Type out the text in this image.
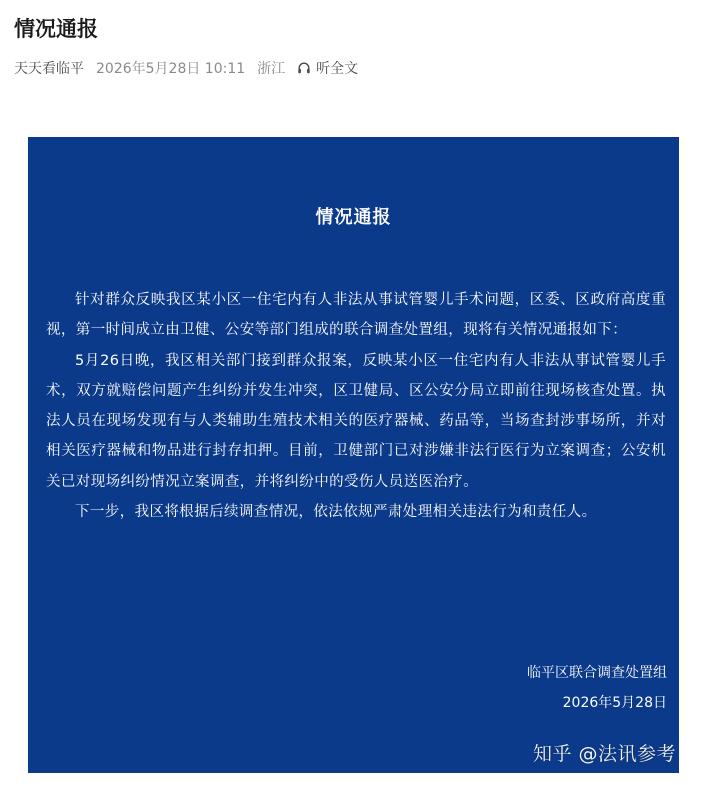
情况通报
天天看临平 2026年5月28日 10:11 浙江 听全文
情况通报

针对群众反映我区某小区一住宅内有人非法从事试管婴儿手术问题，区委、区政府高度重视，第一时间成立由卫健、公安等部门组成的联合调查处置组，现将有关情况通报如下：

5月26日晚，我区相关部门接到群众报案，反映某小区一住宅内有人非法从事试管婴儿手术，双方就赔偿问题产生纠纷并发生冲突，区卫健局、区公安分局立即前往现场核查处置。执法人员在现场发现有与人类辅助生殖技术相关的医疗器械、药品等，当场查封涉事场所，并对相关医疗器械和物品进行封存扣押。目前，卫健部门已对涉嫌非法行医行为立案调查；公安机关已对现场纠纷情况立案调查，并将纠纷中的受伤人员送医治疗。

下一步，我区将根据后续调查情况，依法依规严肃处理相关违法行为和责任人。

临平区联合调查处置组
2026年5月28日
知乎 @法讯参考
